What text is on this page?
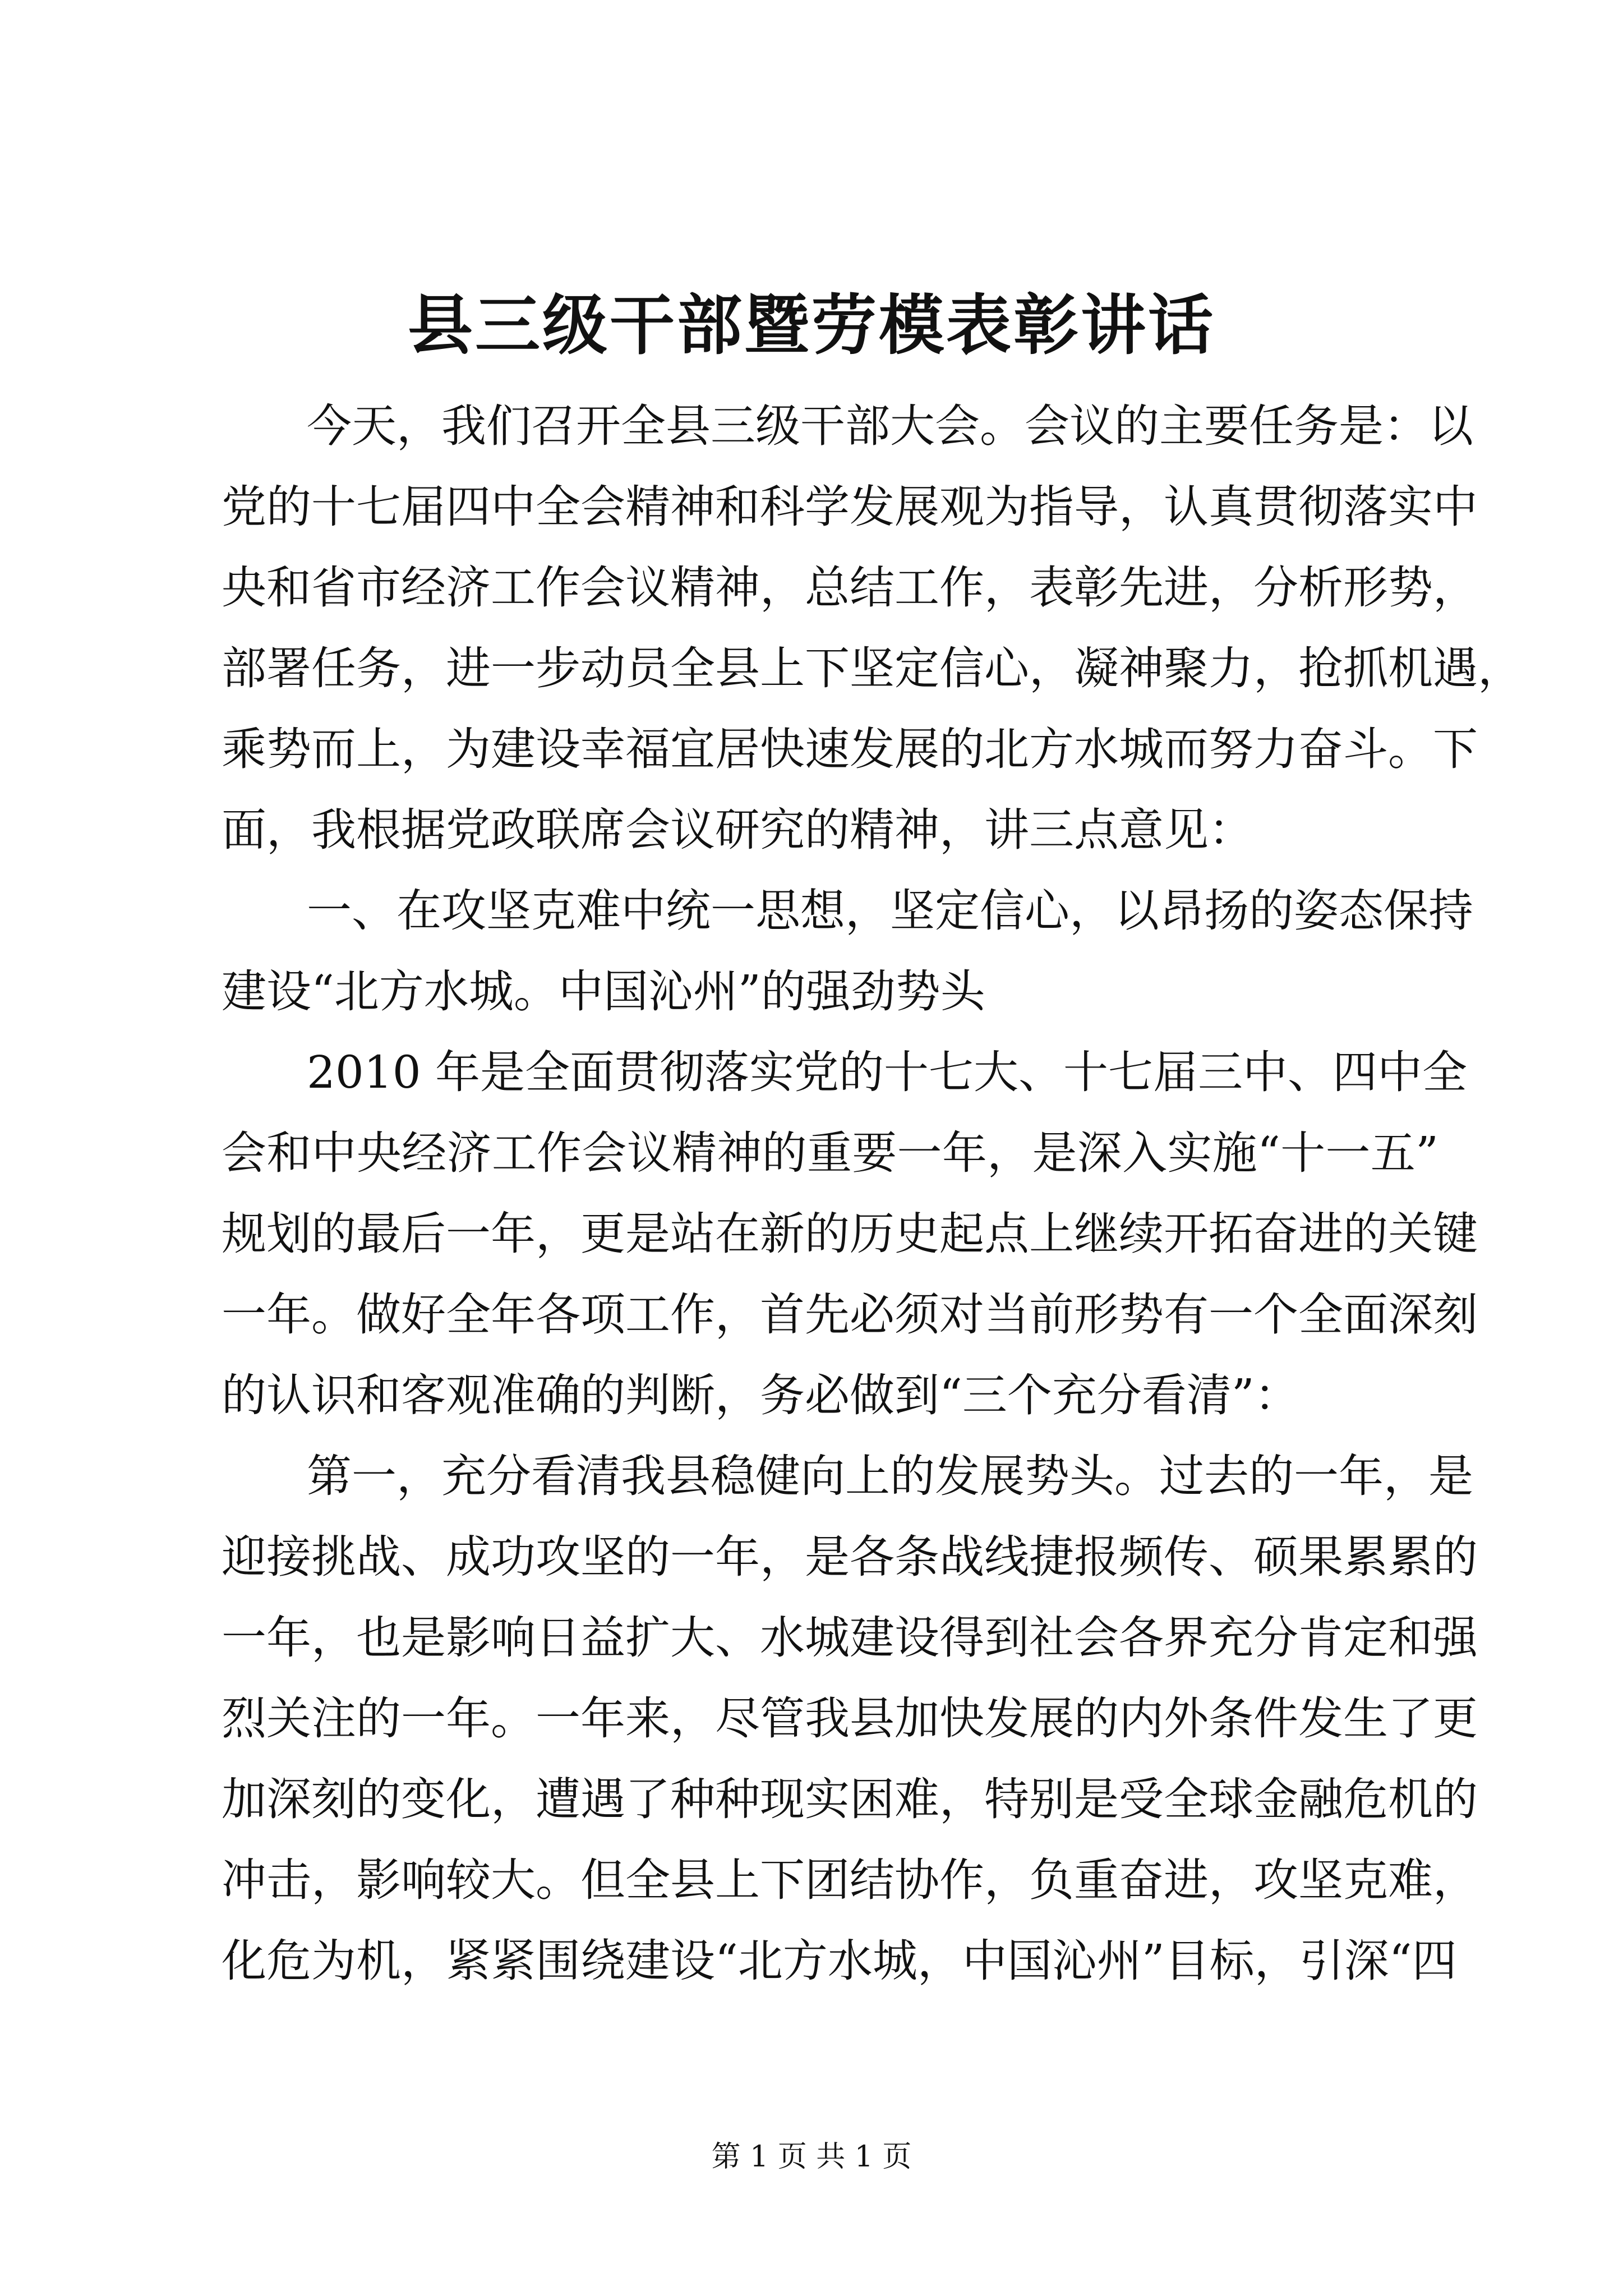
县三级干部暨劳模表彰讲话
今天，我们召开全县三级干部大会。会议的主要任务是：以
党的十七届四中全会精神和科学发展观为指导，认真贯彻落实中
央和省市经济工作会议精神，总结工作，表彰先进，分析形势，
部署任务，进一步动员全县上下坚定信心，凝神聚力，抢抓机遇，
乘势而上，为建设幸福宜居快速发展的北方水城而努力奋斗。下
面，我根据党政联席会议研究的精神，讲三点意见：
一、在攻坚克难中统一思想，坚定信心，以昂扬的姿态保持
建设“北方水城。中国沁州”的强劲势头
2010 年是全面贯彻落实党的十七大、十七届三中、四中全
会和中央经济工作会议精神的重要一年，是深入实施“十一五”
规划的最后一年，更是站在新的历史起点上继续开拓奋进的关键
一年。做好全年各项工作，首先必须对当前形势有一个全面深刻
的认识和客观准确的判断，务必做到“三个充分看清”：
第一，充分看清我县稳健向上的发展势头。过去的一年，是
迎接挑战、成功攻坚的一年，是各条战线捷报频传、硕果累累的
一年，也是影响日益扩大、水城建设得到社会各界充分肯定和强
烈关注的一年。一年来，尽管我县加快发展的内外条件发生了更
加深刻的变化，遭遇了种种现实困难，特别是受全球金融危机的
冲击，影响较大。但全县上下团结协作，负重奋进，攻坚克难，
化危为机，紧紧围绕建设“北方水城，中国沁州”目标，引深“四
第 1 页 共 1 页
